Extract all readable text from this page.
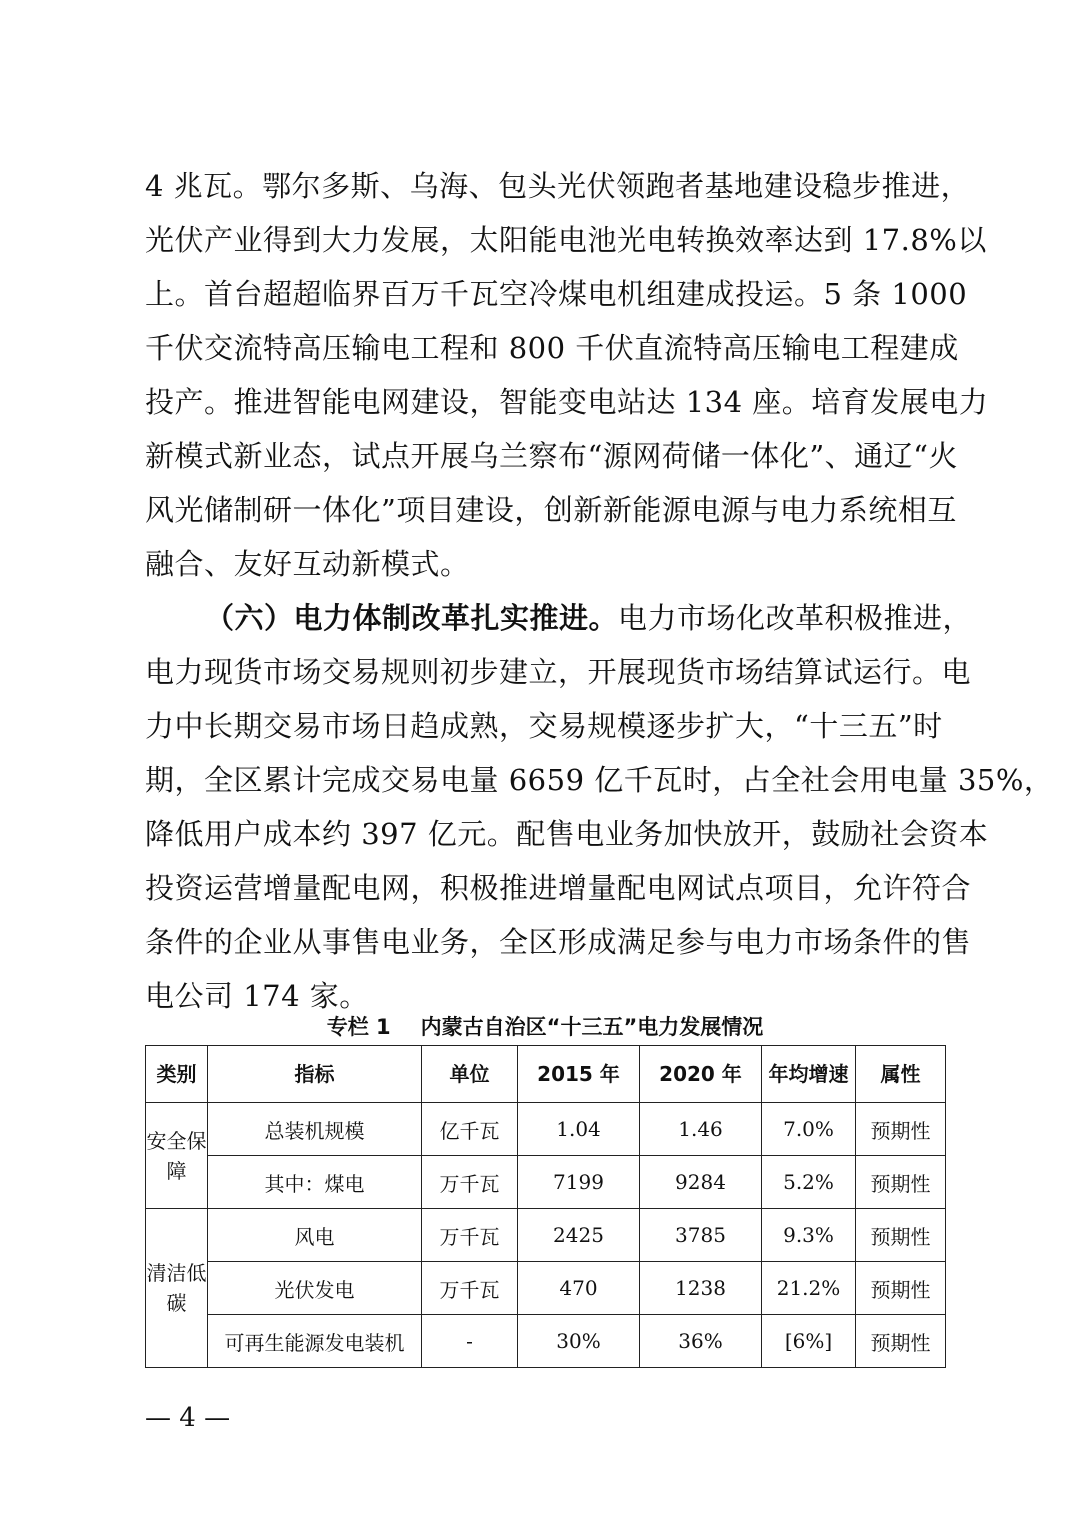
4 兆瓦。鄂尔多斯、乌海、包头光伏领跑者基地建设稳步推进，
光伏产业得到大力发展，太阳能电池光电转换效率达到 17.8%以
上。首台超超临界百万千瓦空冷煤电机组建成投运。5 条 1000
千伏交流特高压输电工程和 800 千伏直流特高压输电工程建成
投产。推进智能电网建设，智能变电站达 134 座。培育发展电力
新模式新业态，试点开展乌兰察布“源网荷储一体化”、通辽“火
风光储制研一体化”项目建设，创新新能源电源与电力系统相互
融合、友好互动新模式。
（六）电力体制改革扎实推进。电力市场化改革积极推进，
电力现货市场交易规则初步建立，开展现货市场结算试运行。电
力中长期交易市场日趋成熟，交易规模逐步扩大，“十三五”时
期，全区累计完成交易电量 6659 亿千瓦时，占全社会用电量 35%，
降低用户成本约 397 亿元。配售电业务加快放开，鼓励社会资本
投资运营增量配电网，积极推进增量配电网试点项目，允许符合
条件的企业从事售电业务，全区形成满足参与电力市场条件的售
电公司 174 家。
专栏 1 内蒙古自治区“十三五”电力发展情况
类别	指标	单位	2015 年	2020 年	年均增速	属性
安全保障	总装机规模	亿千瓦	1.04	1.46	7.0%	预期性
	其中：煤电	万千瓦	7199	9284	5.2%	预期性
清洁低碳	风电	万千瓦	2425	3785	9.3%	预期性
	光伏发电	万千瓦	470	1238	21.2%	预期性
	可再生能源发电装机	-	30%	36%	[6%]	预期性
— 4 —
